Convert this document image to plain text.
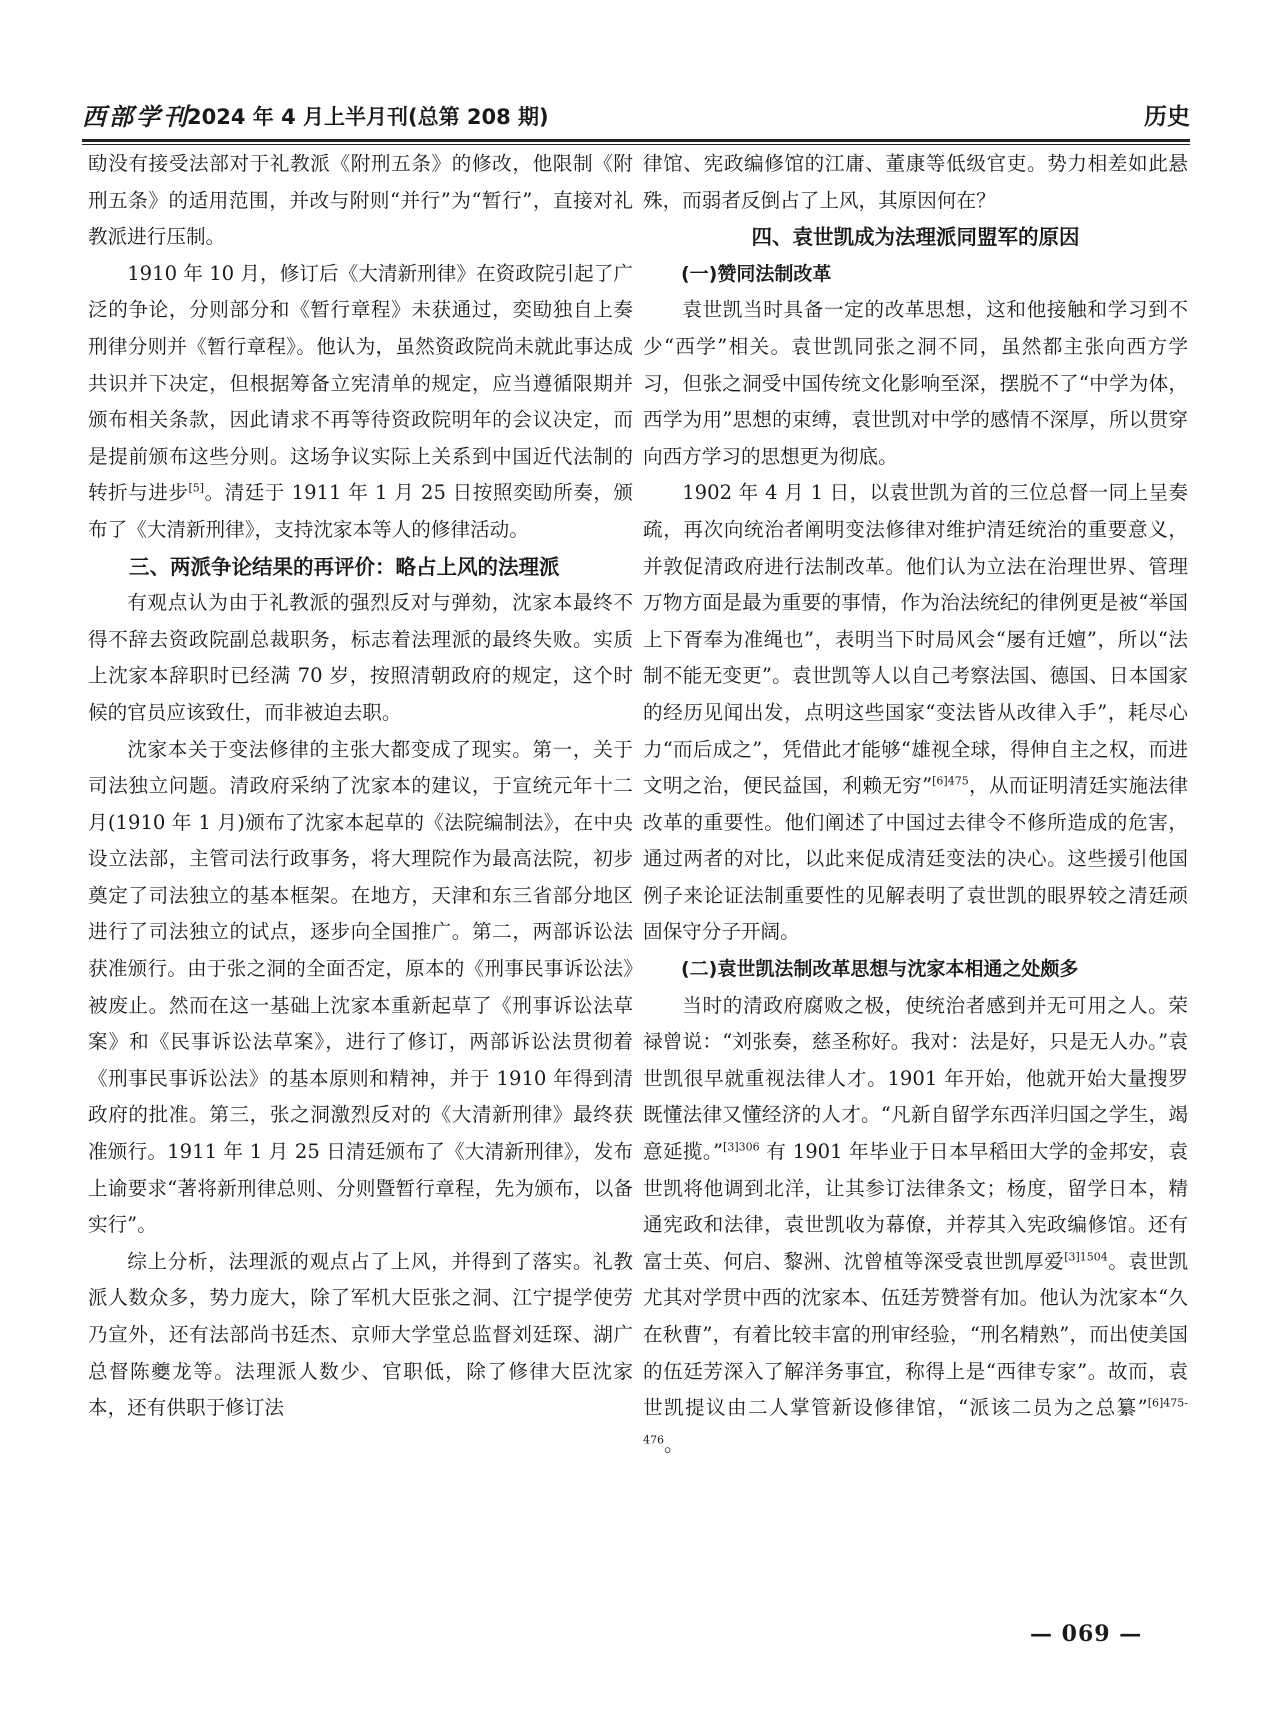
西部学刊
2024 年 4 月上半月刊(总第 208 期)	历史

劻没有接受法部对于礼教派《附刑五条》的修改，他限制《附刑五条》的适用范围，并改与附则“并行”为“暂行”，直接对礼教派进行压制。

1910 年 10 月，修订后《大清新刑律》在资政院引起了广泛的争论，分则部分和《暂行章程》未获通过，奕劻独自上奏刑律分则并《暂行章程》。他认为，虽然资政院尚未就此事达成共识并下决定，但根据筹备立宪清单的规定，应当遵循限期并颁布相关条款，因此请求不再等待资政院明年的会议决定，而是提前颁布这些分则。这场争议实际上关系到中国近代法制的转折与进步[5]。清廷于 1911 年 1 月 25 日按照奕劻所奏，颁布了《大清新刑律》，支持沈家本等人的修律活动。

三、两派争论结果的再评价：略占上风的法理派

有观点认为由于礼教派的强烈反对与弹劾，沈家本最终不得不辞去资政院副总裁职务，标志着法理派的最终失败。实质上沈家本辞职时已经满 70 岁，按照清朝政府的规定，这个时候的官员应该致仕，而非被迫去职。

沈家本关于变法修律的主张大都变成了现实。第一，关于司法独立问题。清政府采纳了沈家本的建议，于宣统元年十二月(1910 年 1 月)颁布了沈家本起草的《法院编制法》，在中央设立法部，主管司法行政事务，将大理院作为最高法院，初步奠定了司法独立的基本框架。在地方，天津和东三省部分地区进行了司法独立的试点，逐步向全国推广。第二，两部诉讼法获准颁行。由于张之洞的全面否定，原本的《刑事民事诉讼法》被废止。然而在这一基础上沈家本重新起草了《刑事诉讼法草案》和《民事诉讼法草案》，进行了修订，两部诉讼法贯彻着《刑事民事诉讼法》的基本原则和精神，并于 1910 年得到清政府的批准。第三，张之洞激烈反对的《大清新刑律》最终获准颁行。1911 年 1 月 25 日清廷颁布了《大清新刑律》，发布上谕要求“著将新刑律总则、分则暨暂行章程，先为颁布，以备实行”。

综上分析，法理派的观点占了上风，并得到了落实。礼教派人数众多，势力庞大，除了军机大臣张之洞、江宁提学使劳乃宣外，还有法部尚书廷杰、京师大学堂总监督刘廷琛、湖广总督陈夔龙等。法理派人数少、官职低，除了修律大臣沈家本，还有供职于修订法

律馆、宪政编修馆的江庸、董康等低级官吏。势力相差如此悬殊，而弱者反倒占了上风，其原因何在？

四、袁世凯成为法理派同盟军的原因
(一)赞同法制改革

袁世凯当时具备一定的改革思想，这和他接触和学习到不少“西学”相关。袁世凯同张之洞不同，虽然都主张向西方学习，但张之洞受中国传统文化影响至深，摆脱不了“中学为体，西学为用”思想的束缚，袁世凯对中学的感情不深厚，所以贯穿向西方学习的思想更为彻底。

1902 年 4 月 1 日，以袁世凯为首的三位总督一同上呈奏疏，再次向统治者阐明变法修律对维护清廷统治的重要意义，并敦促清政府进行法制改革。他们认为立法在治理世界、管理万物方面是最为重要的事情，作为治法统纪的律例更是被“举国上下胥奉为准绳也”，表明当下时局风会“屡有迁嬗”，所以“法制不能无变更”。袁世凯等人以自己考察法国、德国、日本国家的经历见闻出发，点明这些国家“变法皆从改律入手”，耗尽心力“而后成之”，凭借此才能够“雄视全球，得伸自主之权，而进文明之治，便民益国，利赖无穷”$^{[6]475}$，从而证明清廷实施法律改革的重要性。他们阐述了中国过去律令不修所造成的危害，通过两者的对比，以此来促成清廷变法的决心。这些援引他国例子来论证法制重要性的见解表明了袁世凯的眼界较之清廷顽固保守分子开阔。

(二)袁世凯法制改革思想与沈家本相通之处颇多

当时的清政府腐败之极，使统治者感到并无可用之人。荣禄曾说：“刘张奏，慈圣称好。我对：法是好，只是无人办。”袁世凯很早就重视法律人才。1901 年开始，他就开始大量搜罗既懂法律又懂经济的人才。“凡新自留学东西洋归国之学生，竭意延揽。”$^{[3]306}$ 有 1901 年毕业于日本早稻田大学的金邦安，袁世凯将他调到北洋，让其参订法律条文；杨度，留学日本，精通宪政和法律，袁世凯收为幕僚，并荐其入宪政编修馆。还有富士英、何启、黎洲、沈曾植等深受袁世凯厚爱$^{[3]1504}$。袁世凯尤其对学贯中西的沈家本、伍廷芳赞誉有加。他认为沈家本“久在秋曹”，有着比较丰富的刑审经验，“刑名精熟”，而出使美国的伍廷芳深入了解洋务事宜，称得上是“西律专家”。故而，袁世凯提议由二人掌管新设修律馆，“派该二员为之总纂”$^{[6]475-476}$。

— 069 —
